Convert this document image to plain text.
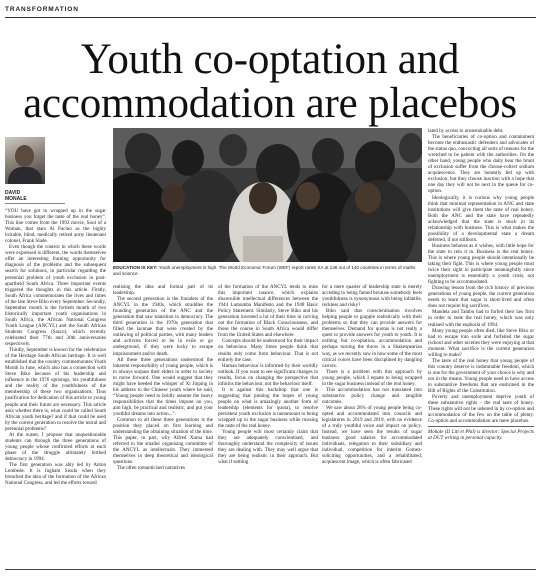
TRANSFORMATION
Youth co-optation and accommodation are placebos
DAVID
MONALE
EDUCATION IS KEY: Youth unemployment is high. The World Economic Forum (WEF) report ranks SA at 138 out of 140 countries in terms of maths and science.

“YOU have got to wrapped up in the sugar business you forget the taste of the real honey”. This line comes from the 1992 movie, Soul of a Woman, that stars Al Pacino as the highly irritable, blind, medically retired army lieutenant colonel, Frank Slade.

Even though the context in which these words were expressed is different, the words themselves offer an interesting framing opportunity for diagnosis of the problems and the subsequent search for solutions, in particular regarding the perennial problem of youth exclusion in post-apartheid South Africa. Three important events triggered the thoughts in this article. Firstly, South Africa commemorates the lives and times of the late Steve Biko every September. Secondly, September month is the fortieth month of two historically important youth organisations in South Africa, the African National Congress Youth League (ANCYL) and the South African Students Congress (Sasco), which recently celebrated their 77th and 30th anniversaries respectively.

Thirdly, September is known for the celebration of the Heritage South African heritage. It is well established that the country commemorates Youth Month in June, which also has a connection with Steve Biko because of his leadership and influence in the 1976 uprisings, his youthfulness and the reality of the youthfulness of the membership of these two organisations. Thus justification for dedication of this article to young people and their future are necessary. This article asks whether there is, what could be called South African youth heritage? and if that could be used by the current generation to resolve the moral and perennial problems?

At the outset, I propose that unquestionable students can through the three generations of young people whose confirmed efforts at each phase of the struggle ultimately birthed democracy in 1994.

The first generation was ably led by Anton Lembede. It is Ingham Sisulu when they breached the idea of the formation of the African National Congress, and led the efforts toward

realising the idea and formal part of its leadership.

The second generation is the founders of the ANCYL in the 1940s, which straddles the founding generation of the ANC and the generation that saw transition to democracy. The third generation is the 1970s generation that filled the lacunae that were created by the outlawing of political parties, with many leaders and activists forced to be in exile or go underground, if they were lucky to escape imprisonment and/or death.

All these three generations understood the inherent responsibility of young people, which is to always surpass their elders in order to society to move forward. One would suggest that they might have heeded the whisper of Xi Jinping in his address to the Chinese youth where he said, “Young people need to boldly assume the heavy responsibilities that the times impose on you, aim high, be practical and realistic, and put your youthful dreams into action...”.

Common to all these three generations is the position they placed on first learning and understanding the obtaining situation of the time. This paper, in part, why Alfred Xuma had referred to the smaller organising committee of the ANCYL as intellectuals. They immersed themselves in deep theoretical and ideological questions.

The often romanticised narratives

of the formation of the ANCYL tends to miss this important nuance, which explains discernible intellectual differences between the 1944 Lumumba Manifesto and the 1948 Basic Policy Statement. Similarly, Steve Biko and his generation invested a lot of their time in carving out the formation of Black Consciousness, and those the course in South Africa would differ from the United States and elsewhere.

Concepts should be understood for their impact on behaviour. Many times people think that results only come from behaviour. That is not entirely the case.

Human behaviour is informed by their worldly outlook. If you want to see significant changes in results, focus on changing the perspective that informs the behaviour, not the behaviour itself.

It is against this backdrop that one is suggesting that pinning the hopes of young people on what is amazingly another form of leadership (elements for quota), to resolve persistent youth exclusion is tantamount to being wrapped up in the sugar business while missing the taste of the real honey.

Young people will most certainly claim that they are adequately conscientised, and thoroughly understand the complexity of issues they are dealing with. They may well argue that they are being realistic in their approach. But what if settling

for a mere quarter of leadership state is merely acceding to being famed because somebody feels youthfulness is synonymous with being infantile, reckless and risky?

Biko said that conscientisation involves helping people to grapple realistically with their problems so that they can provide answers for themselves. Demand for quotas is not really a quest to provide answers for youth to youth. It is nothing but co-optation, accommodation and perhaps turning the throw in a Shakespearian way, as we recently saw in how some of the most critical voices have been disciplined by dangling carrots.

There is a problem with this approach by young people, which I equate to being wrapped in the sugar business instead of the real honey.

This accommodation has not translated into substantive policy change and tangible outcomes.

We saw about 28% of young people being co-opted and accommodated into councils and legislatures in 2019 and 2019, with no evidence of a truly youthful voice and impact on policy. Instead, we have seen the results of sugar business: good salaries for accommodated individuals, relegation to their subsidiary and individual, competition for interim Gomez-soliciting opportunities, and a rehabilitated, acquiescent image, which is often fabricated

lated by access to unsustainable debt.

The beneficiaries of co-option and containment become the enthusiastic defenders and advocates of the status quo, concocting all sorts of reasons for the wretched to be patient with the authorities. On the other hand, young people who daily bear the brunt of exclusion suffer from the choose-collect sodium acquiescence. They are honestly fed up with exclusion, but they choose inaction with a hope that one day they will not be next in the queue for co-option.

Ideologically, it is curious why young people think that minimal representation in ANC and state institutions will give them the taste of real honey. Both the ANC and the state have repeatedly acknowledged that the state is stuck in its relationship with business. This is what makes the possibility of a developmental state a dream deferred, if not stillborn.

Business behaves as it wishes, with little hope for the state to rein it in. Business is the real honey. This is where young people should intentionally be taking their fight. This is where young people must twice their sight to participate meaningfully since unemployment is essentially a youth crisis, not fighting to be accommodated.

Drawing lesson from the rich history of previous generations of young people, the current generation needs to learn that sugar is short-lived and often does not require big sacrifices.

Mandela and Tambo had to forfeit their law firm in order to taste the real honey, which was only realised with the euphoria of 1994.

Many young people often died, like Steve Biko or had to escape into exile and forfeited the sugar (school and other niceties they were enjoying at that moment. What sacrifice is the current generation willing to make?

The taste of the real honey that young people of this country deserve is indomitable freedom, which is one for the government of your choice is why and not in the means. Young people need to have access to substantive freedoms that are enshrined in the Bill of Rights of the Constitution.

Poverty and unemployment deprive youth of these substantive rights – the real taste of honey. These rights will not be ushered in by co-option and accommodation of the few on the table of plenty. Co-option and accommodation are mere placebos.

Mohale (D Litt et Phil) is director: Special Projects at DUT writing in personal capacity.
